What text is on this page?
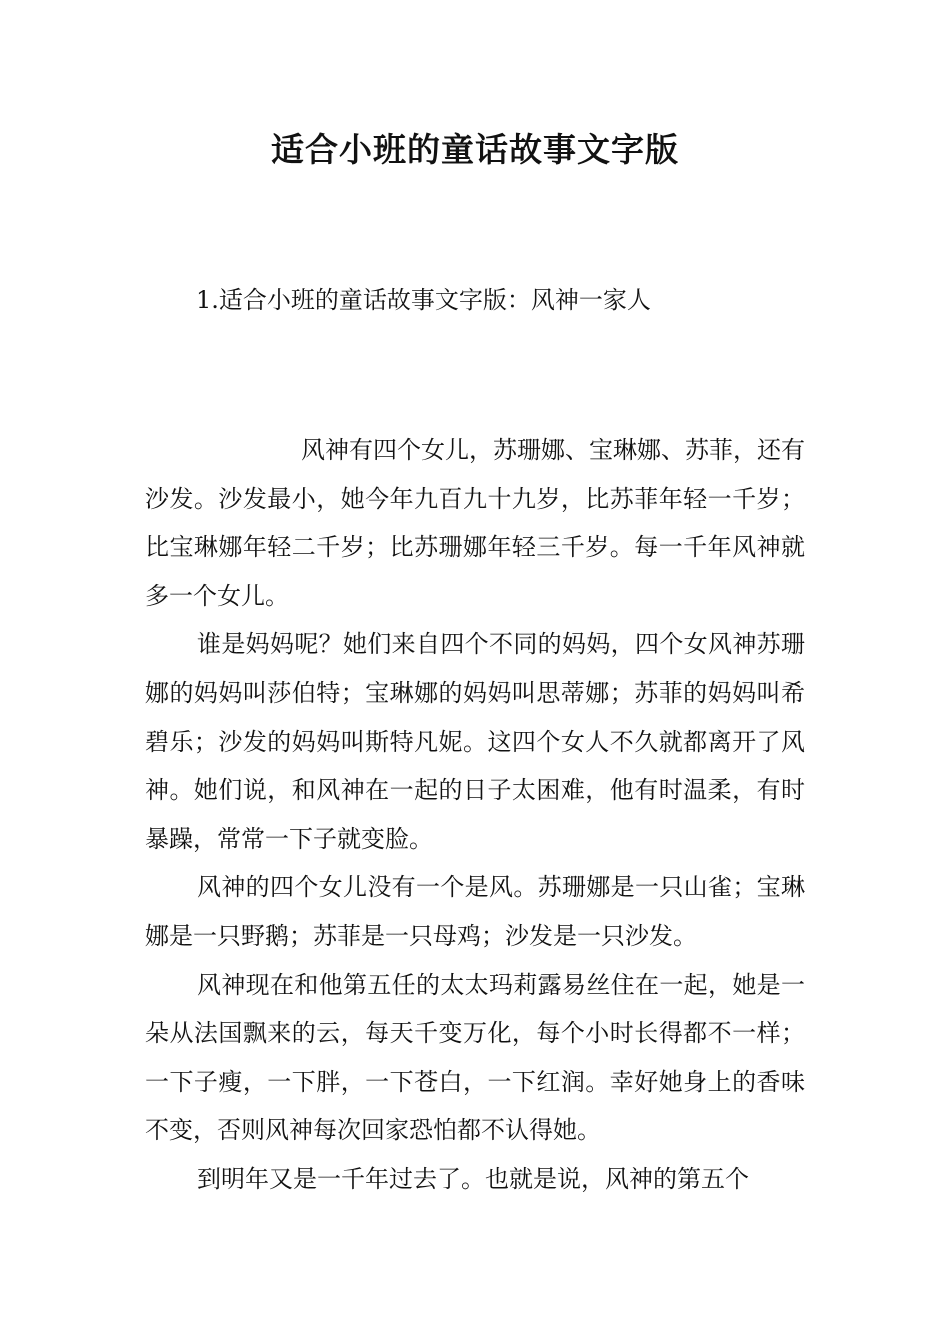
适合小班的童话故事文字版
1.适合小班的童话故事文字版：风神一家人

风神有四个女儿，苏珊娜、宝琳娜、苏菲，还有沙发。沙发最小，她今年九百九十九岁，比苏菲年轻一千岁；比宝琳娜年轻二千岁；比苏珊娜年轻三千岁。每一千年风神就多一个女儿。

谁是妈妈呢？她们来自四个不同的妈妈，四个女风神苏珊娜的妈妈叫莎伯特；宝琳娜的妈妈叫思蒂娜；苏菲的妈妈叫希碧乐；沙发的妈妈叫斯特凡妮。这四个女人不久就都离开了风神。她们说，和风神在一起的日子太困难，他有时温柔，有时暴躁，常常一下子就变脸。

风神的四个女儿没有一个是风。苏珊娜是一只山雀；宝琳娜是一只野鹅；苏菲是一只母鸡；沙发是一只沙发。

风神现在和他第五任的太太玛莉露易丝住在一起，她是一朵从法国飘来的云，每天千变万化，每个小时长得都不一样；一下子瘦，一下胖，一下苍白，一下红润。幸好她身上的香味不变，否则风神每次回家恐怕都不认得她。

到明年又是一千年过去了。也就是说，风神的第五个
